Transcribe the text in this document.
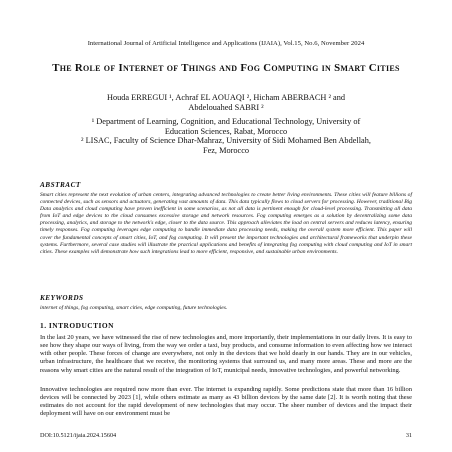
International Journal of Artificial Intelligence and Applications (IJAIA), Vol.15, No.6, November 2024
The Role of Internet of Things and Fog Computing in Smart Cities
Houda ERREGUI ¹, Achraf EL AOUAQI ², Hicham ABERBACH ² and
Abdelouahed SABRI ²
¹ Department of Learning, Cognition, and Educational Technology, University of
Education Sciences, Rabat, Morocco
² LISAC, Faculty of Science Dhar-Mahraz, University of Sidi Mohamed Ben Abdellah,
Fez, Morocco
ABSTRACT
Smart cities represent the next evolution of urban centers, integrating advanced technologies to create better living environments. These cities will feature billions of connected devices, such as sensors and actuators, generating vast amounts of data. This data typically flows to cloud servers for processing. However, traditional Big Data analytics and cloud computing have proven inefficient in some scenarios, as not all data is pertinent enough for cloud-level processing. Transmitting all data from IoT and edge devices to the cloud consumes excessive storage and network resources. Fog computing emerges as a solution by decentralizing some data processing, analytics, and storage to the network's edge, closer to the data source. This approach alleviates the load on central servers and reduces latency, ensuring timely responses. Fog computing leverages edge computing to handle immediate data processing needs, making the overall system more efficient. This paper will cover the fundamental concepts of smart cities, IoT, and fog computing. It will present the important technologies and architectural frameworks that underpin these systems. Furthermore, several case studies will illustrate the practical applications and benefits of integrating fog computing with cloud computing and IoT in smart cities. These examples will demonstrate how such integrations lead to more efficient, responsive, and sustainable urban environments.
KEYWORDS
internet of things, fog computing, smart cities, edge computing, future technologies.
1. INTRODUCTION
In the last 20 years, we have witnessed the rise of new technologies and, more importantly, their implementations in our daily lives. It is easy to see how they shape our ways of living, from the way we order a taxi, buy products, and consume information to even affecting how we interact with other people. These forces of change are everywhere, not only in the devices that we hold dearly in our hands. They are in our vehicles, urban infrastructure, the healthcare that we receive, the monitoring systems that surround us, and many more areas. These and more are the reasons why smart cities are the natural result of the integration of IoT, municipal needs, innovative technologies, and powerful networking.
Innovative technologies are required now more than ever. The internet is expanding rapidly. Some predictions state that more than 16 billion devices will be connected by 2023 [1], while others estimate as many as 43 billion devices by the same date [2]. It is worth noting that these estimates do not account for the rapid development of new technologies that may occur. The sheer number of devices and the impact their deployment will have on our environment must be
DOI:10.5121/ijaia.2024.15604	31
